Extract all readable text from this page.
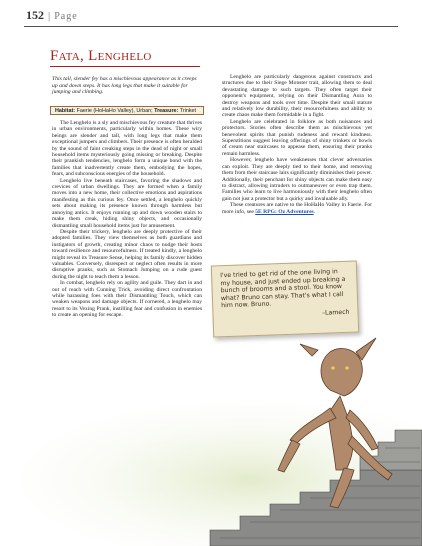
152 | Page
Fata, Lenghelo
This tall, slender fey has a mischievous appearance as it creeps up and down steps. It has long legs that make it suitable for jumping and climbing.
Habitat: Faerie (HoHaHo Valley), Urban; Treasure: Trinket

The Lenghelo is a sly and mischievous fey creature that thrives in urban environments, particularly within homes. These wiry beings are slender and tall, with long legs that make them exceptional jumpers and climbers. Their presence is often heralded by the sound of faint creaking steps in the dead of night or small household items mysteriously going missing or breaking. Despite their prankish tendencies, lenghelo form a unique bond with the families that inadvertently create them, embodying the hopes, fears, and subconscious energies of the household.

Lenghelo live beneath staircases, favoring the shadows and crevices of urban dwellings. They are formed when a family moves into a new home, their collective emotions and aspirations manifesting as this curious fey. Once settled, a lenghelo quickly sets about making its presence known through harmless but annoying antics. It enjoys running up and down wooden stairs to make them creak, hiding shiny objects, and occasionally dismantling small household items just for amusement.

Despite their trickery, lenghelo are deeply protective of their adopted families. They view themselves as both guardians and instigators of growth, creating minor chaos to nudge their hosts toward resilience and resourcefulness. If treated kindly, a lenghelo might reveal its Treasure Sense, helping its family discover hidden valuables. Conversely, disrespect or neglect often results in more disruptive pranks, such as Stomach Jumping on a rude guest during the night to teach them a lesson.

In combat, lenghelo rely on agility and guile. They dart in and out of reach with Cunning Trick, avoiding direct confrontation while harassing foes with their Dismantling Touch, which can weaken weapons and damage objects. If cornered, a lenghelo may resort to its Vexing Prank, instilling fear and confusion in enemies to create an opening for escape.

Lenghelo are particularly dangerous against constructs and structures due to their Siege Monster trait, allowing them to deal devastating damage to such targets. They often target their opponent's equipment, relying on their Dismantling Aura to destroy weapons and tools over time. Despite their small stature and relatively low durability, their resourcefulness and ability to create chaos make them formidable in a fight.

Lenghelo are celebrated in folklore as both nuisances and protectors. Stories often describe them as mischievous yet benevolent spirits that punish rudeness and reward kindness. Superstitions suggest leaving offerings of shiny trinkets or bowls of cream near staircases to appease them, ensuring their pranks remain harmless.

However, lenghelo have weaknesses that clever adversaries can exploit. They are deeply tied to their home, and removing them from their staircase lairs significantly diminishes their power. Additionally, their penchant for shiny objects can make them easy to distract, allowing intruders to outmaneuver or even trap them. Families who learn to live harmoniously with their lenghelo often gain not just a protector but a quirky and invaluable ally.

These creatures are native to the HoHaHo Valley in Faerie. For more info, see 5E RPG: Oz Adventures.

I've tried to get rid of the one living in my house, and just ended up breaking a bunch of brooms and a stool. You know what? Bruno can stay. That's what I call him now. Bruno.
–Lamech
